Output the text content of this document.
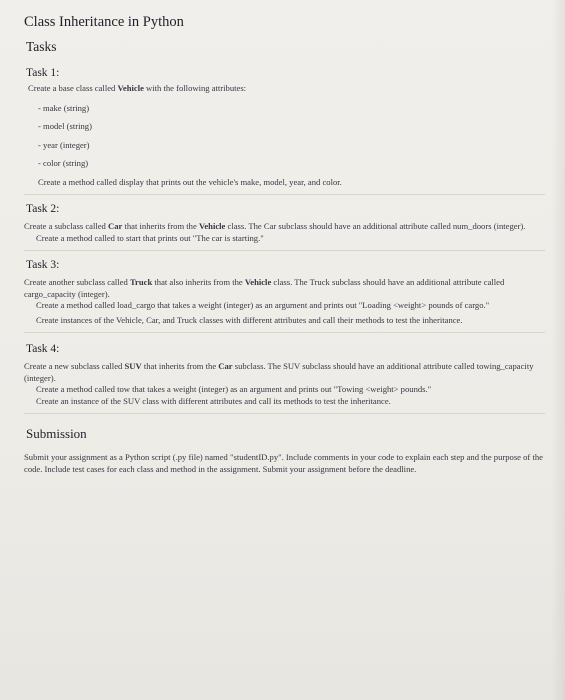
Class Inheritance in Python
Tasks
Task 1:
Create a base class called Vehicle with the following attributes:
- make (string)
- model (string)
- year (integer)
- color (string)
Create a method called display that prints out the vehicle's make, model, year, and color.
Task 2:
Create a subclass called Car that inherits from the Vehicle class. The Car subclass should have an additional attribute called num_doors (integer).
Create a method called to start that prints out "The car is starting."
Task 3:
Create another subclass called Truck that also inherits from the Vehicle class. The Truck subclass should have an additional attribute called cargo_capacity (integer).
Create a method called load_cargo that takes a weight (integer) as an argument and prints out "Loading <weight> pounds of cargo."
Create instances of the Vehicle, Car, and Truck classes with different attributes and call their methods to test the inheritance.
Task 4:
Create a new subclass called SUV that inherits from the Car subclass. The SUV subclass should have an additional attribute called towing_capacity (integer).
Create a method called tow that takes a weight (integer) as an argument and prints out "Towing <weight> pounds."
Create an instance of the SUV class with different attributes and call its methods to test the inheritance.
Submission
Submit your assignment as a Python script (.py file) named "studentID.py". Include comments in your code to explain each step and the purpose of the code. Include test cases for each class and method in the assignment. Submit your assignment before the deadline.
